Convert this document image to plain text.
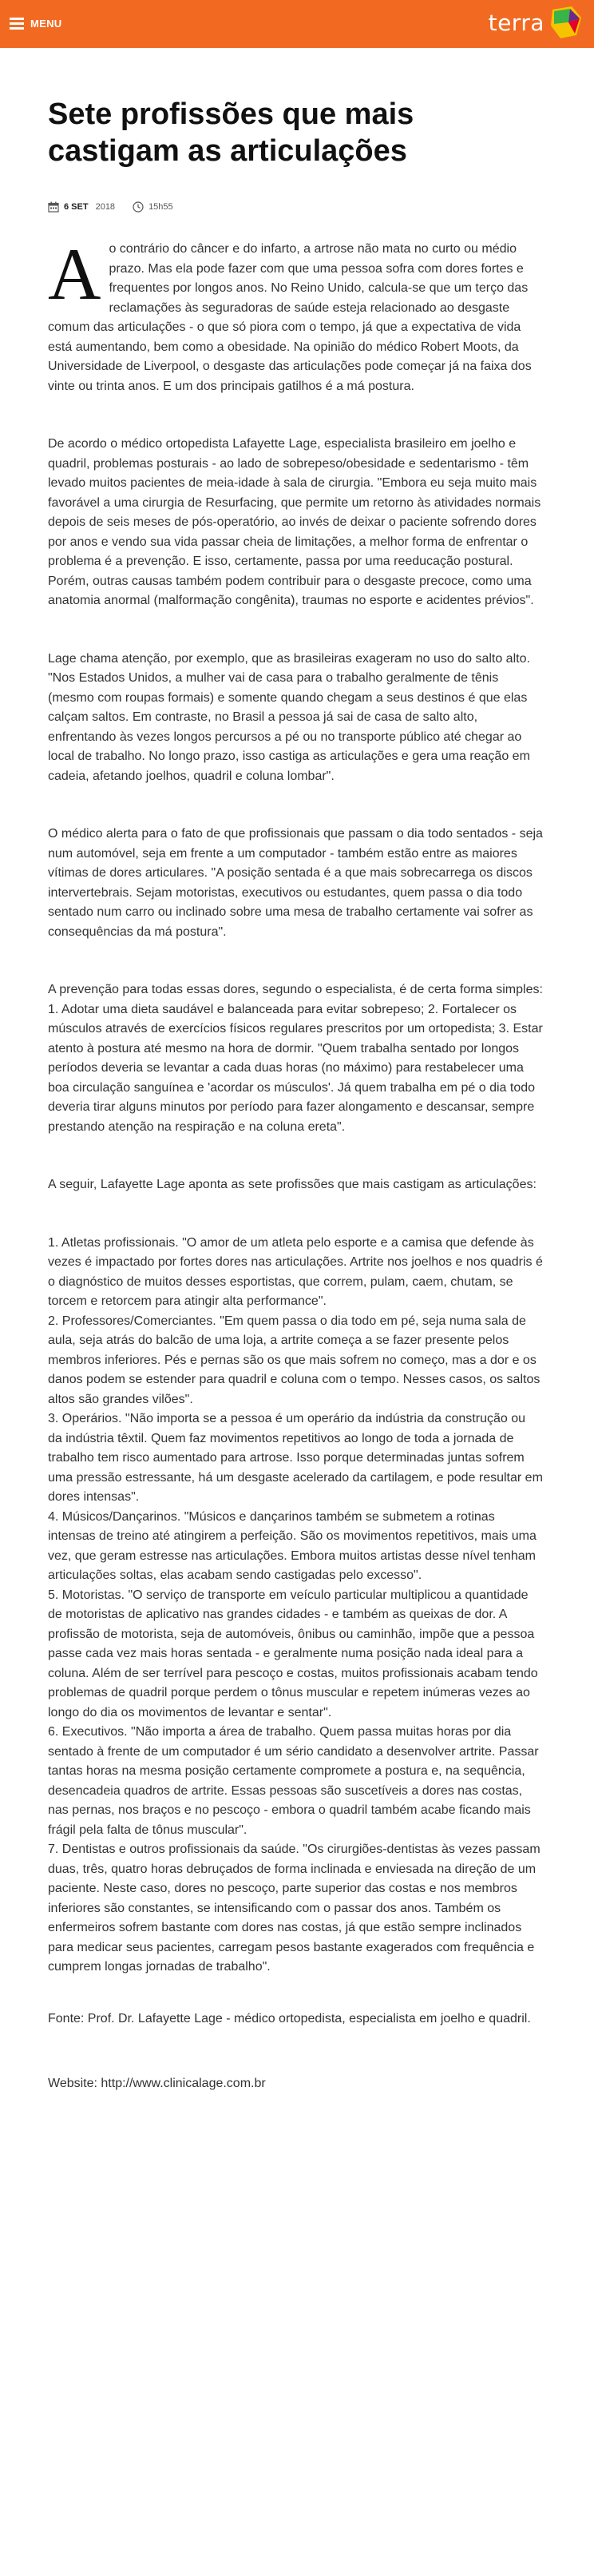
MENU	terra
Sete profissões que mais castigam as articulações
6 SET 2018	15h55

A o contrário do câncer e do infarto, a artrose não mata no curto ou médio prazo. Mas ela pode fazer com que uma pessoa sofra com dores fortes e frequentes por longos anos. No Reino Unido, calcula-se que um terço das reclamações às seguradoras de saúde esteja relacionado ao desgaste comum das articulações - o que só piora com o tempo, já que a expectativa de vida está aumentando, bem como a obesidade. Na opinião do médico Robert Moots, da Universidade de Liverpool, o desgaste das articulações pode começar já na faixa dos vinte ou trinta anos. E um dos principais gatilhos é a má postura.

De acordo o médico ortopedista Lafayette Lage, especialista brasileiro em joelho e quadril, problemas posturais - ao lado de sobrepeso/obesidade e sedentarismo - têm levado muitos pacientes de meia-idade à sala de cirurgia. "Embora eu seja muito mais favorável a uma cirurgia de Resurfacing, que permite um retorno às atividades normais depois de seis meses de pós-operatório, ao invés de deixar o paciente sofrendo dores por anos e vendo sua vida passar cheia de limitações, a melhor forma de enfrentar o problema é a prevenção. E isso, certamente, passa por uma reeducação postural. Porém, outras causas também podem contribuir para o desgaste precoce, como uma anatomia anormal (malformação congênita), traumas no esporte e acidentes prévios".

Lage chama atenção, por exemplo, que as brasileiras exageram no uso do salto alto. "Nos Estados Unidos, a mulher vai de casa para o trabalho geralmente de tênis (mesmo com roupas formais) e somente quando chegam a seus destinos é que elas calçam saltos. Em contraste, no Brasil a pessoa já sai de casa de salto alto, enfrentando às vezes longos percursos a pé ou no transporte público até chegar ao local de trabalho. No longo prazo, isso castiga as articulações e gera uma reação em cadeia, afetando joelhos, quadril e coluna lombar".

O médico alerta para o fato de que profissionais que passam o dia todo sentados - seja num automóvel, seja em frente a um computador - também estão entre as maiores vítimas de dores articulares. "A posição sentada é a que mais sobrecarrega os discos intervertebrais. Sejam motoristas, executivos ou estudantes, quem passa o dia todo sentado num carro ou inclinado sobre uma mesa de trabalho certamente vai sofrer as consequências da má postura".

A prevenção para todas essas dores, segundo o especialista, é de certa forma simples: 1. Adotar uma dieta saudável e balanceada para evitar sobrepeso; 2. Fortalecer os músculos através de exercícios físicos regulares prescritos por um ortopedista; 3. Estar atento à postura até mesmo na hora de dormir. "Quem trabalha sentado por longos períodos deveria se levantar a cada duas horas (no máximo) para restabelecer uma boa circulação sanguínea e 'acordar os músculos'. Já quem trabalha em pé o dia todo deveria tirar alguns minutos por período para fazer alongamento e descansar, sempre prestando atenção na respiração e na coluna ereta".

A seguir, Lafayette Lage aponta as sete profissões que mais castigam as articulações:

1. Atletas profissionais. "O amor de um atleta pelo esporte e a camisa que defende às vezes é impactado por fortes dores nas articulações. Artrite nos joelhos e nos quadris é o diagnóstico de muitos desses esportistas, que correm, pulam, caem, chutam, se torcem e retorcem para atingir alta performance".
2. Professores/Comerciantes. "Em quem passa o dia todo em pé, seja numa sala de aula, seja atrás do balcão de uma loja, a artrite começa a se fazer presente pelos membros inferiores. Pés e pernas são os que mais sofrem no começo, mas a dor e os danos podem se estender para quadril e coluna com o tempo. Nesses casos, os saltos altos são grandes vilões".
3. Operários. "Não importa se a pessoa é um operário da indústria da construção ou da indústria têxtil. Quem faz movimentos repetitivos ao longo de toda a jornada de trabalho tem risco aumentado para artrose. Isso porque determinadas juntas sofrem uma pressão estressante, há um desgaste acelerado da cartilagem, e pode resultar em dores intensas".
4. Músicos/Dançarinos. "Músicos e dançarinos também se submetem a rotinas intensas de treino até atingirem a perfeição. São os movimentos repetitivos, mais uma vez, que geram estresse nas articulações. Embora muitos artistas desse nível tenham articulações soltas, elas acabam sendo castigadas pelo excesso".
5. Motoristas. "O serviço de transporte em veículo particular multiplicou a quantidade de motoristas de aplicativo nas grandes cidades - e também as queixas de dor. A profissão de motorista, seja de automóveis, ônibus ou caminhão, impõe que a pessoa passe cada vez mais horas sentada - e geralmente numa posição nada ideal para a coluna. Além de ser terrível para pescoço e costas, muitos profissionais acabam tendo problemas de quadril porque perdem o tônus muscular e repetem inúmeras vezes ao longo do dia os movimentos de levantar e sentar".
6. Executivos. "Não importa a área de trabalho. Quem passa muitas horas por dia sentado à frente de um computador é um sério candidato a desenvolver artrite. Passar tantas horas na mesma posição certamente compromete a postura e, na sequência, desencadeia quadros de artrite. Essas pessoas são suscetíveis a dores nas costas, nas pernas, nos braços e no pescoço - embora o quadril também acabe ficando mais frágil pela falta de tônus muscular".
7. Dentistas e outros profissionais da saúde. "Os cirurgiões-dentistas às vezes passam duas, três, quatro horas debruçados de forma inclinada e enviesada na direção de um paciente. Neste caso, dores no pescoço, parte superior das costas e nos membros inferiores são constantes, se intensificando com o passar dos anos. Também os enfermeiros sofrem bastante com dores nas costas, já que estão sempre inclinados para medicar seus pacientes, carregam pesos bastante exagerados com frequência e cumprem longas jornadas de trabalho".

Fonte: Prof. Dr. Lafayette Lage - médico ortopedista, especialista em joelho e quadril.

Website: http://www.clinicalage.com.br
